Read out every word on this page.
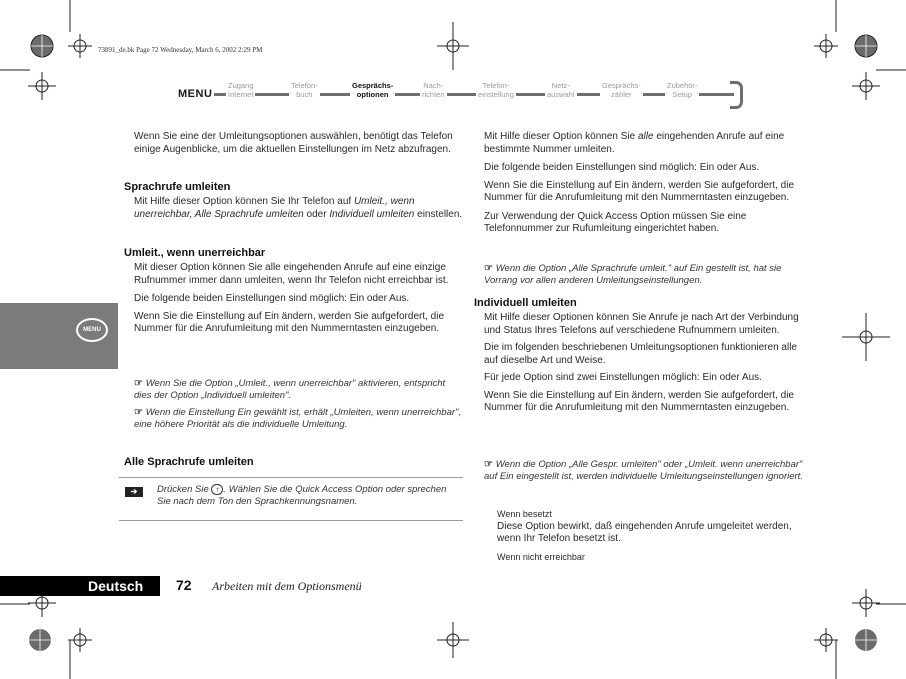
73891_de.bk Page 72 Wednesday, March 6, 2002 2:29 PM
MENU
Zugang
Internet
Telefon-
buch
Gesprächs-
optionen
Nach-
richten
Telefon-
einstellung
Netz-
auswahl
Gesprächs-
zähler
Zubehör-
Setup
MENU

Wenn Sie eine der Umleitungsoptionen auswählen, benötigt das Telefon einige Augenblicke, um die aktuellen Einstellungen im Netz abzufragen.

Sprachrufe umleiten

Mit Hilfe dieser Option können Sie Ihr Telefon auf Umleit., wenn unerreichbar, Alle Sprachrufe umleiten oder Individuell umleiten einstellen.

Umleit., wenn unerreichbar

Mit dieser Option können Sie alle eingehenden Anrufe auf eine einzige Rufnummer immer dann umleiten, wenn Ihr Telefon nicht erreichbar ist.

Die folgende beiden Einstellungen sind möglich: Ein oder Aus.

Wenn Sie die Einstellung auf Ein ändern, werden Sie aufgefordert, die Nummer für die Anrufumleitung mit den Nummerntasten einzugeben.

☞ Wenn Sie die Option „Umleit., wenn unerreichbar" aktivieren, entspricht dies der Option „Individuell umleiten".

☞ Wenn die Einstellung Ein gewählt ist, erhält „Umleiten, wenn unerreichbar", eine höhere Priorität als die individuelle Umleitung.

Alle Sprachrufe umleiten
➔	Drücken Sie ↑ . Wählen Sie die Quick Access Option oder sprechen Sie nach dem Ton den Sprachkennungsnamen.

Mit Hilfe dieser Option können Sie alle eingehenden Anrufe auf eine bestimmte Nummer umleiten.

Die folgende beiden Einstellungen sind möglich: Ein oder Aus.

Wenn Sie die Einstellung auf Ein ändern, werden Sie aufgefordert, die Nummer für die Anrufumleitung mit den Nummerntasten einzugeben.

Zur Verwendung der Quick Access Option müssen Sie eine Telefonnummer zur Rufumleitung eingerichtet haben.

☞ Wenn die Option „Alle Sprachrufe umleit." auf Ein gestellt ist, hat sie Vorrang vor allen anderen Umleitungseinstellungen.

Individuell umleiten

Mit Hilfe dieser Optionen können Sie Anrufe je nach Art der Verbindung und Status Ihres Telefons auf verschiedene Rufnummern umleiten.

Die im folgenden beschriebenen Umleitungsoptionen funktionieren alle auf dieselbe Art und Weise.

Für jede Option sind zwei Einstellungen möglich: Ein oder Aus.

Wenn Sie die Einstellung auf Ein ändern, werden Sie aufgefordert, die Nummer für die Anrufumleitung mit den Nummerntasten einzugeben.

☞ Wenn die Option „Alle Gespr. umleiten" oder „Umleit. wenn unerreichbar" auf Ein eingestellt ist, werden individuelle Umleitungseinstellungen ignoriert.

Wenn besetzt

Diese Option bewirkt, daß eingehenden Anrufe umgeleitet werden, wenn Ihr Telefon besetzt ist.

Wenn nicht erreichbar

Deutsch 72 Arbeiten mit dem Optionsmenü
